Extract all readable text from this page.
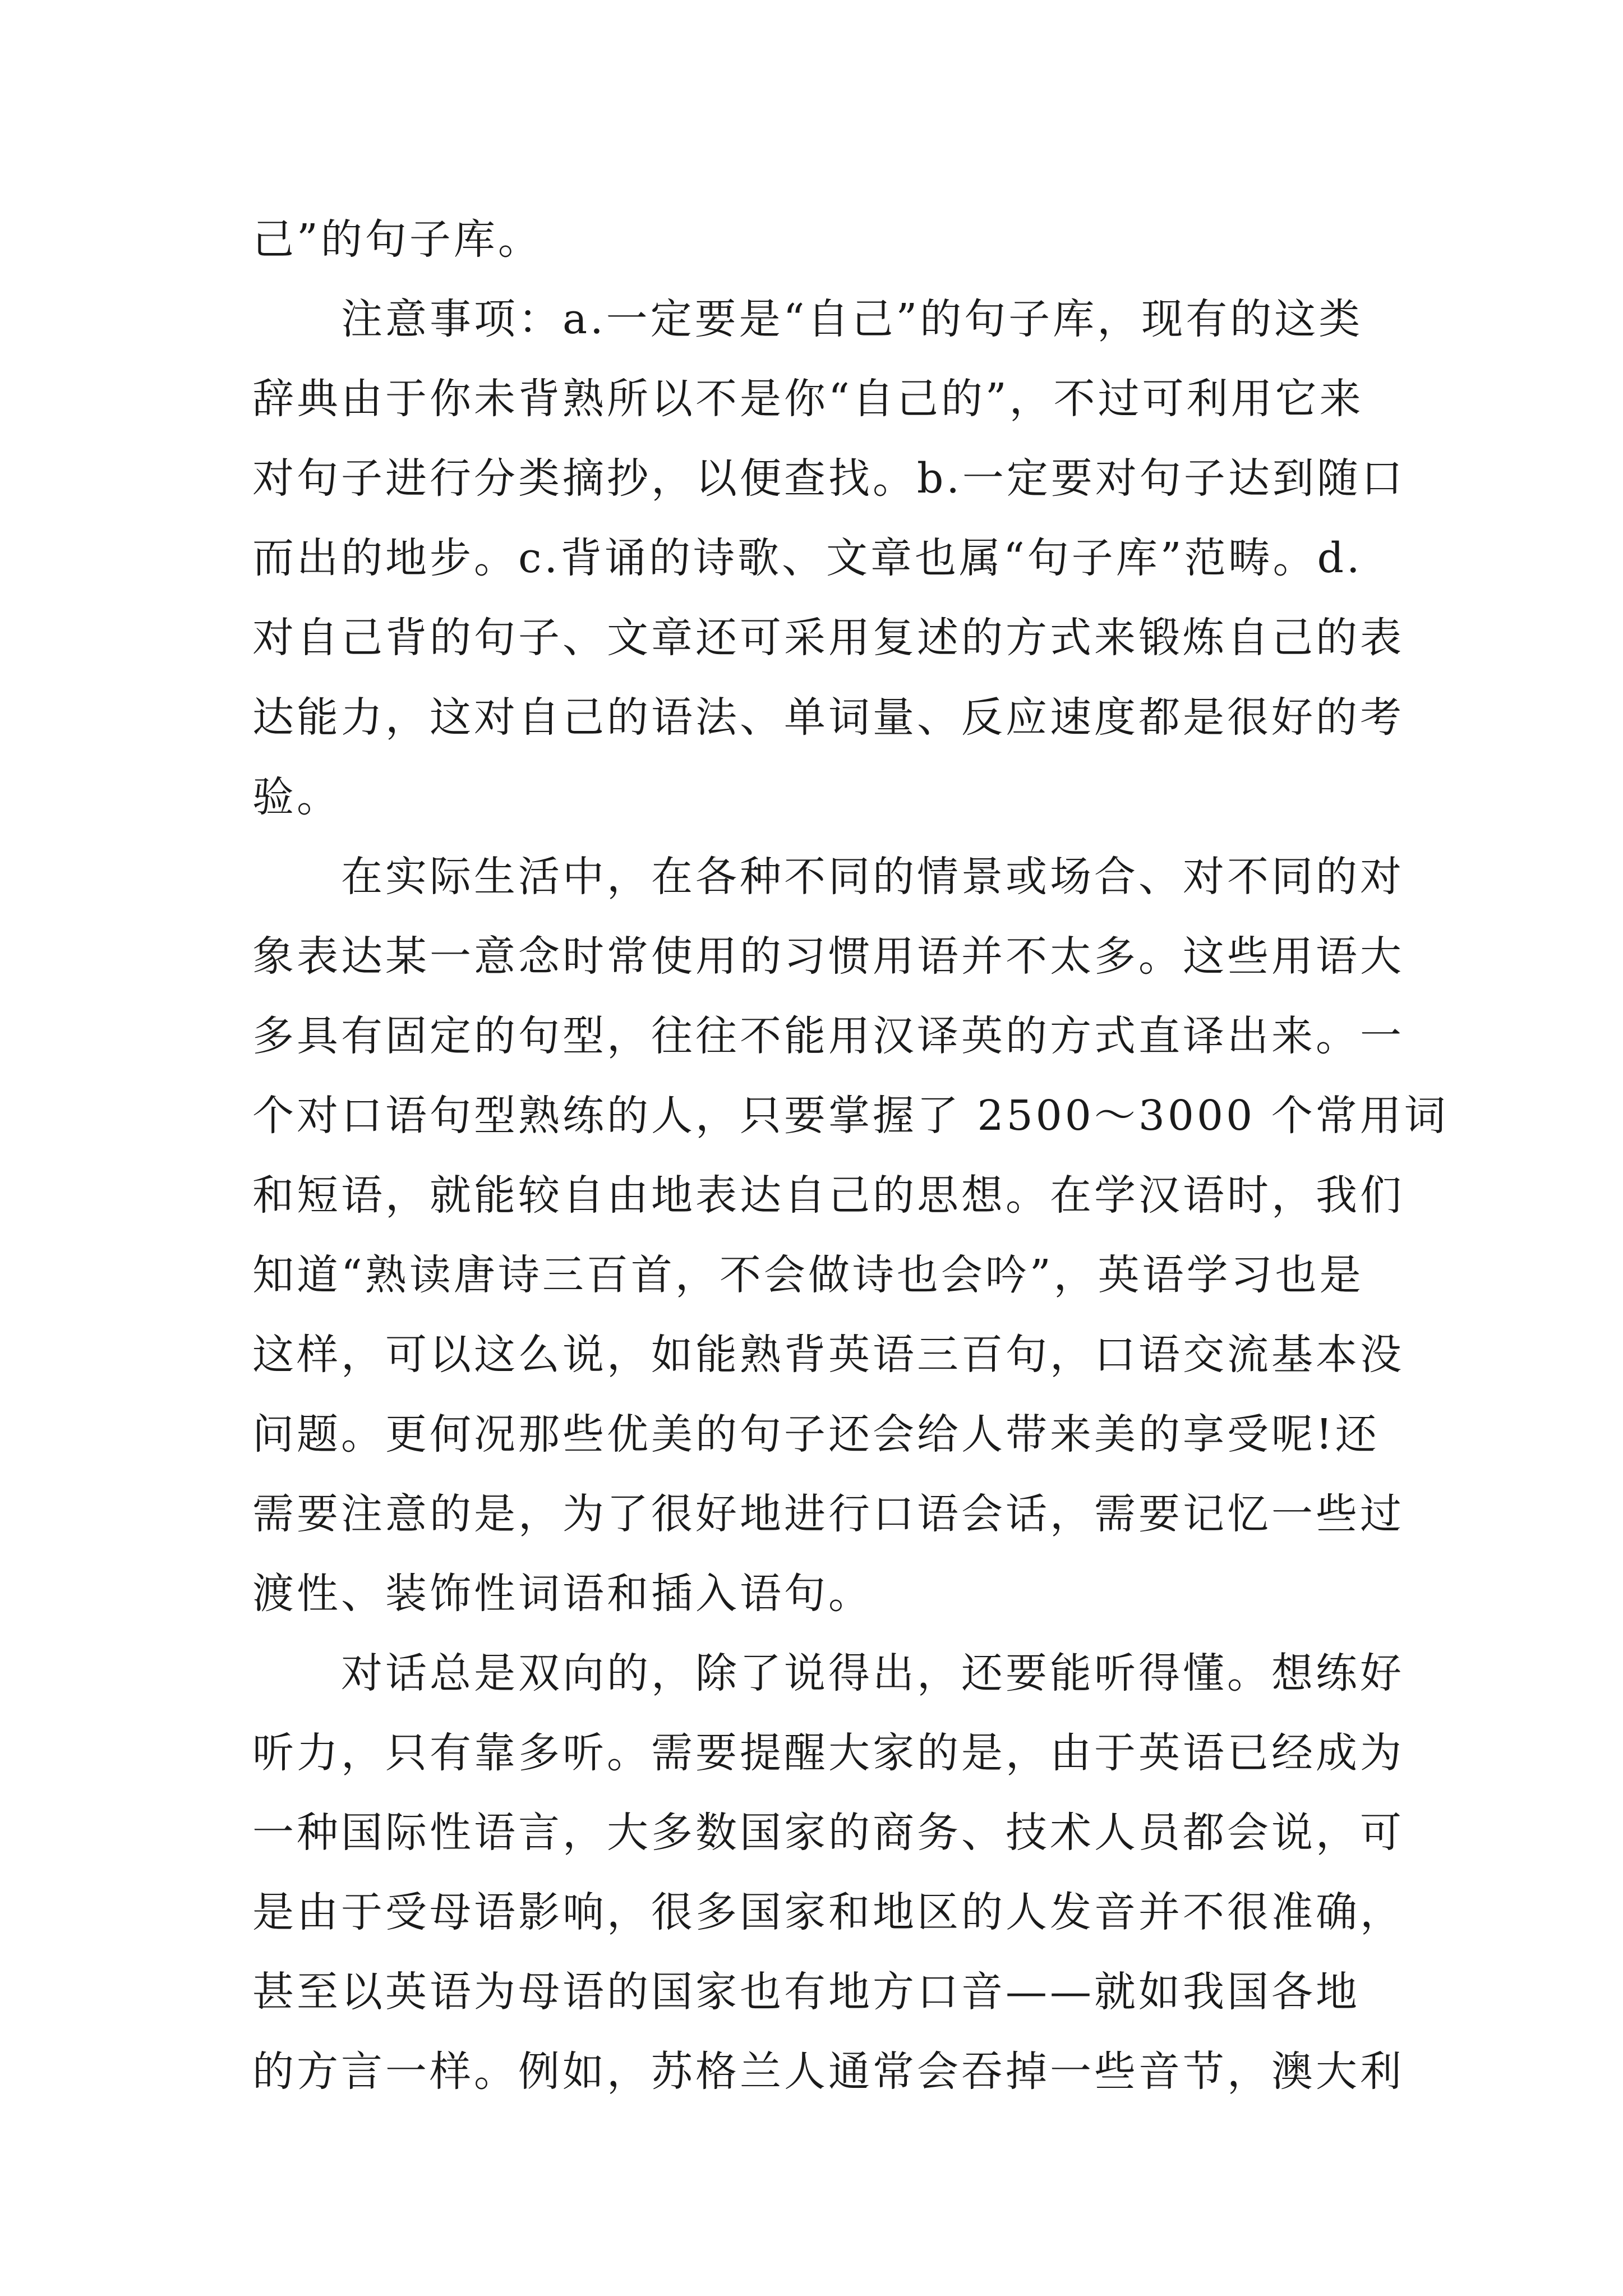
己”的句子库。
　　注意事项：a.一定要是“自己”的句子库，现有的这类
辞典由于你未背熟所以不是你“自己的”，不过可利用它来
对句子进行分类摘抄，以便查找。b.一定要对句子达到随口
而出的地步。c.背诵的诗歌、文章也属“句子库”范畴。d.
对自己背的句子、文章还可采用复述的方式来锻炼自己的表
达能力，这对自己的语法、单词量、反应速度都是很好的考
验。
　　在实际生活中，在各种不同的情景或场合、对不同的对
象表达某一意念时常使用的习惯用语并不太多。这些用语大
多具有固定的句型，往往不能用汉译英的方式直译出来。一
个对口语句型熟练的人，只要掌握了 2500～3000 个常用词
和短语，就能较自由地表达自己的思想。在学汉语时，我们
知道“熟读唐诗三百首，不会做诗也会吟”，英语学习也是
这样，可以这么说，如能熟背英语三百句，口语交流基本没
问题。更何况那些优美的句子还会给人带来美的享受呢!还
需要注意的是，为了很好地进行口语会话，需要记忆一些过
渡性、装饰性词语和插入语句。
　　对话总是双向的，除了说得出，还要能听得懂。想练好
听力，只有靠多听。需要提醒大家的是，由于英语已经成为
一种国际性语言，大多数国家的商务、技术人员都会说，可
是由于受母语影响，很多国家和地区的人发音并不很准确，
甚至以英语为母语的国家也有地方口音——就如我国各地
的方言一样。例如，苏格兰人通常会吞掉一些音节，澳大利
